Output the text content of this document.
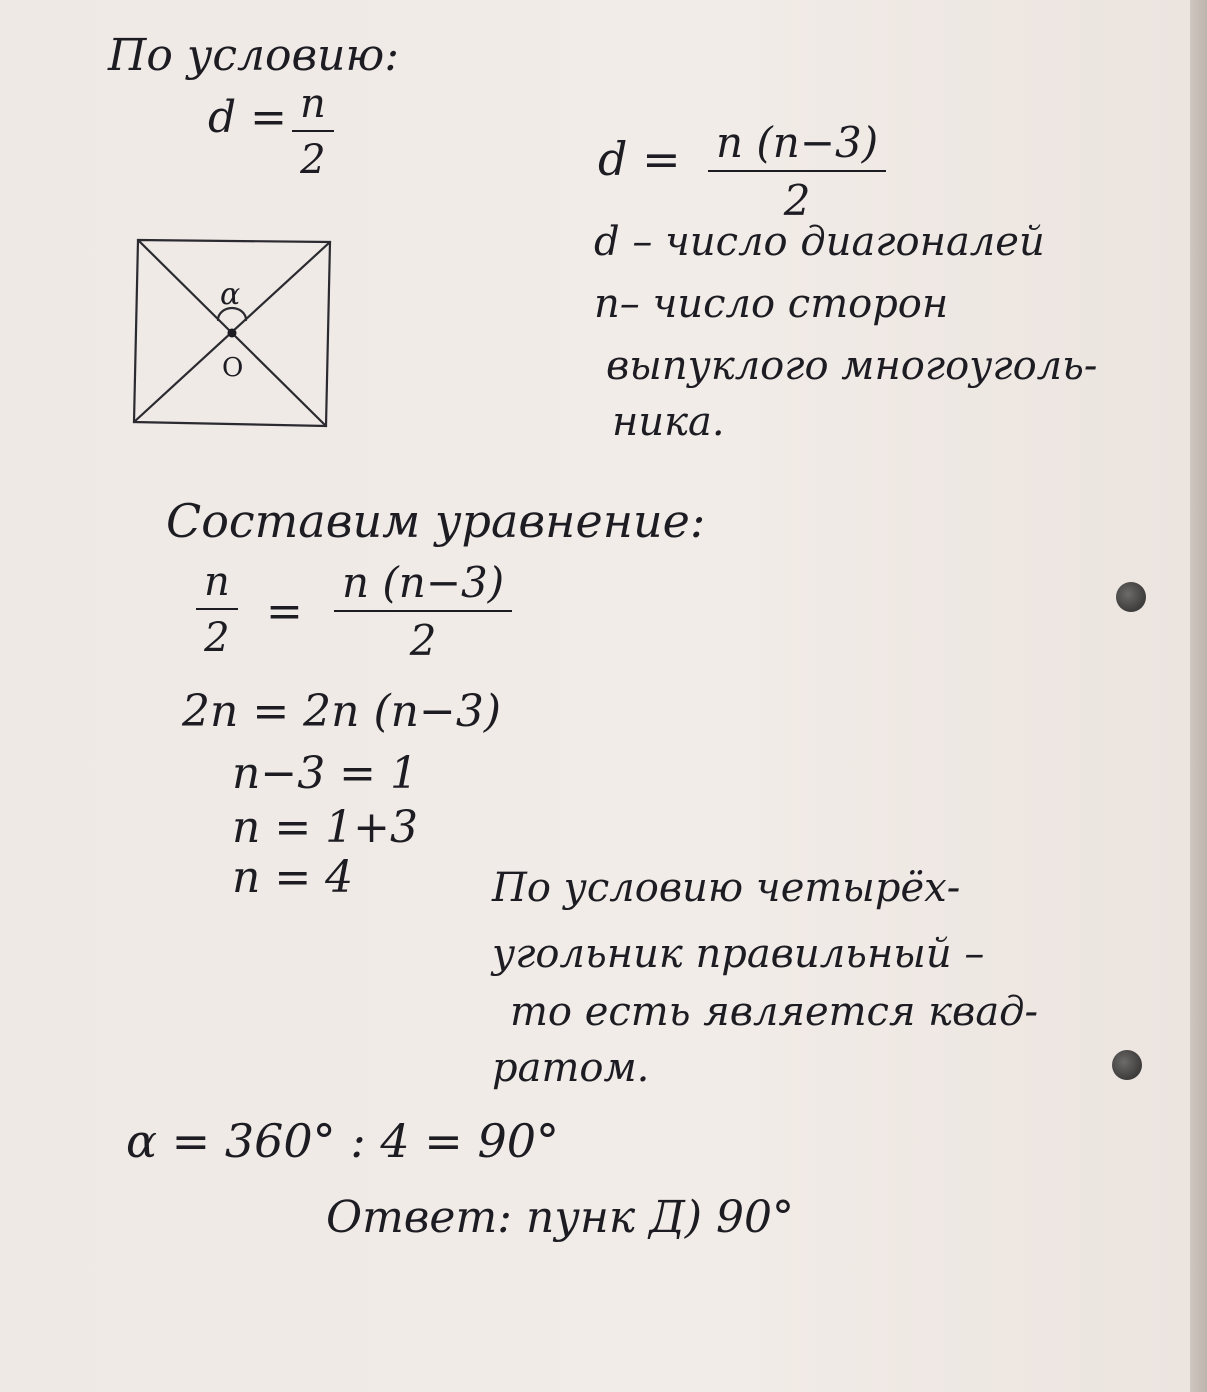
По условию:
$d = \frac{n}{2}$	$d = \frac{n (n-3)}{2}$
d – число диагоналей
n– число сторон
выпуклого многоуголь-
ника.
α
O
Составим уравнение:
$\frac{n}{2} = \frac{n (n-3)}{2}$
2n = 2n (n−3)
n−3 = 1
n = 1+3
n = 4	По условию четырёх-
угольник правильный –
то есть является квад-
ратом.
α = 360° : 4 = 90°
Ответ: пунк Д) 90°
